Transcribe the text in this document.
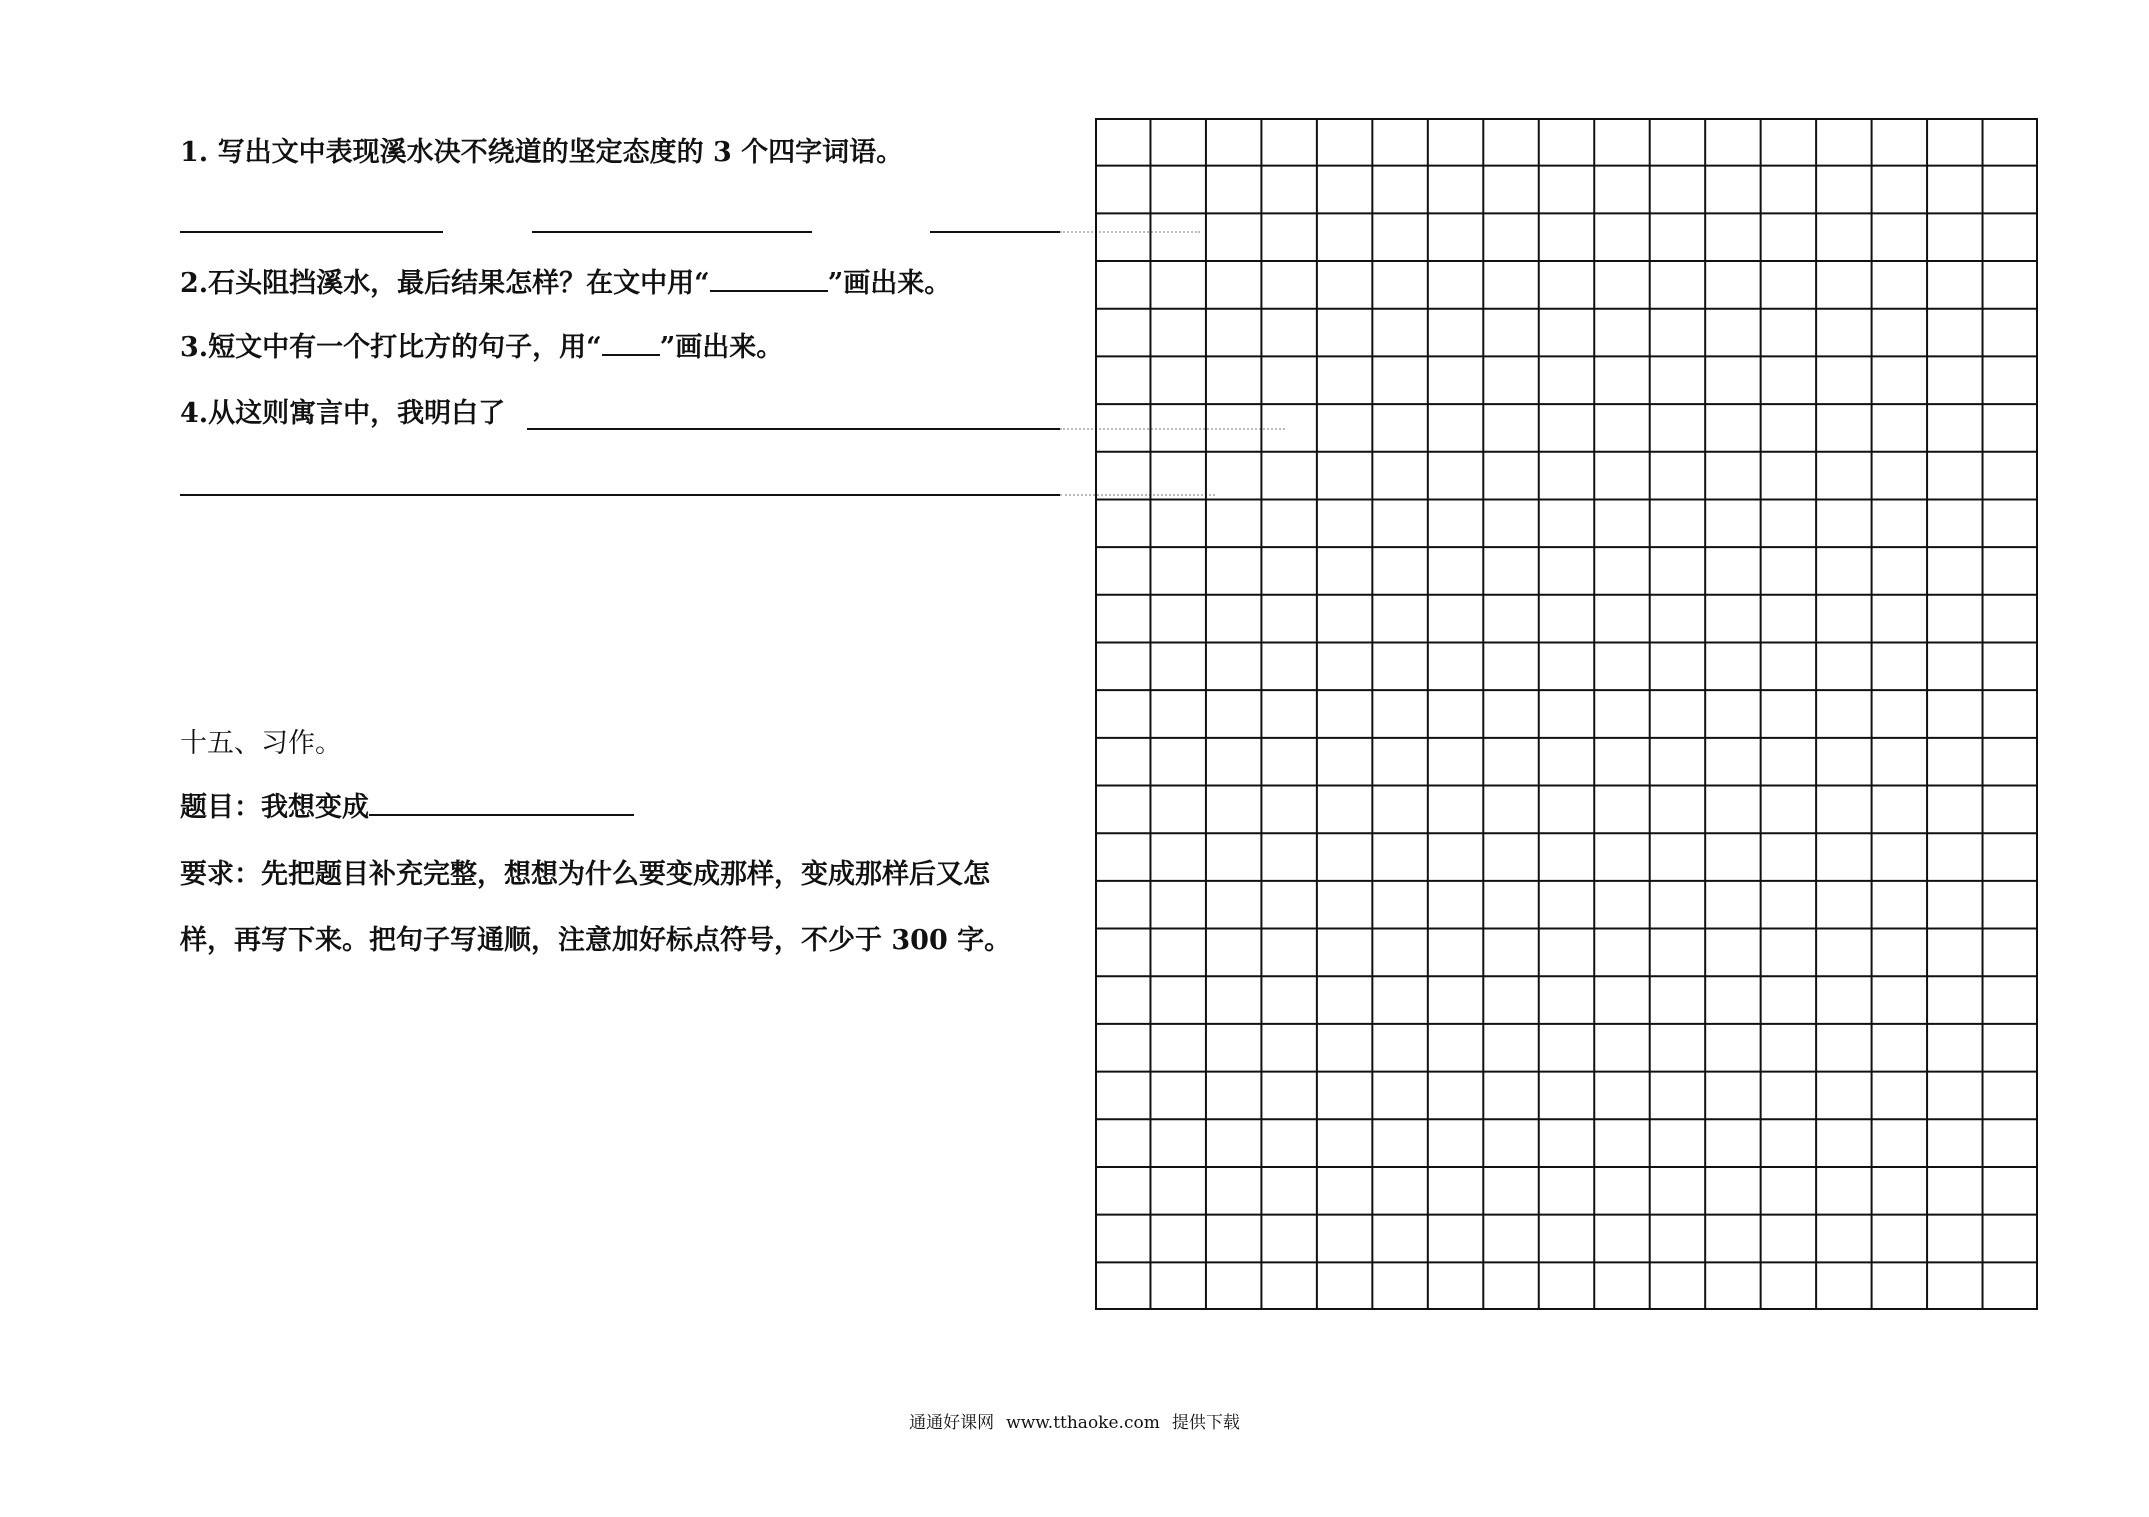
1. 写出文中表现溪水决不绕道的坚定态度的 3 个四字词语。
2.石头阻挡溪水，最后结果怎样？在文中用“	”画出来。
3.短文中有一个打比方的句子，用“ ”画出来。
4.从这则寓言中，我明白了
十五、习作。
题目：我想变成
要求：先把题目补充完整，想想为什么要变成那样，变成那样后又怎
样，再写下来。把句子写通顺，注意加好标点符号，不少于 300 字。
通通好课网 www.tthaoke.com 提供下载
